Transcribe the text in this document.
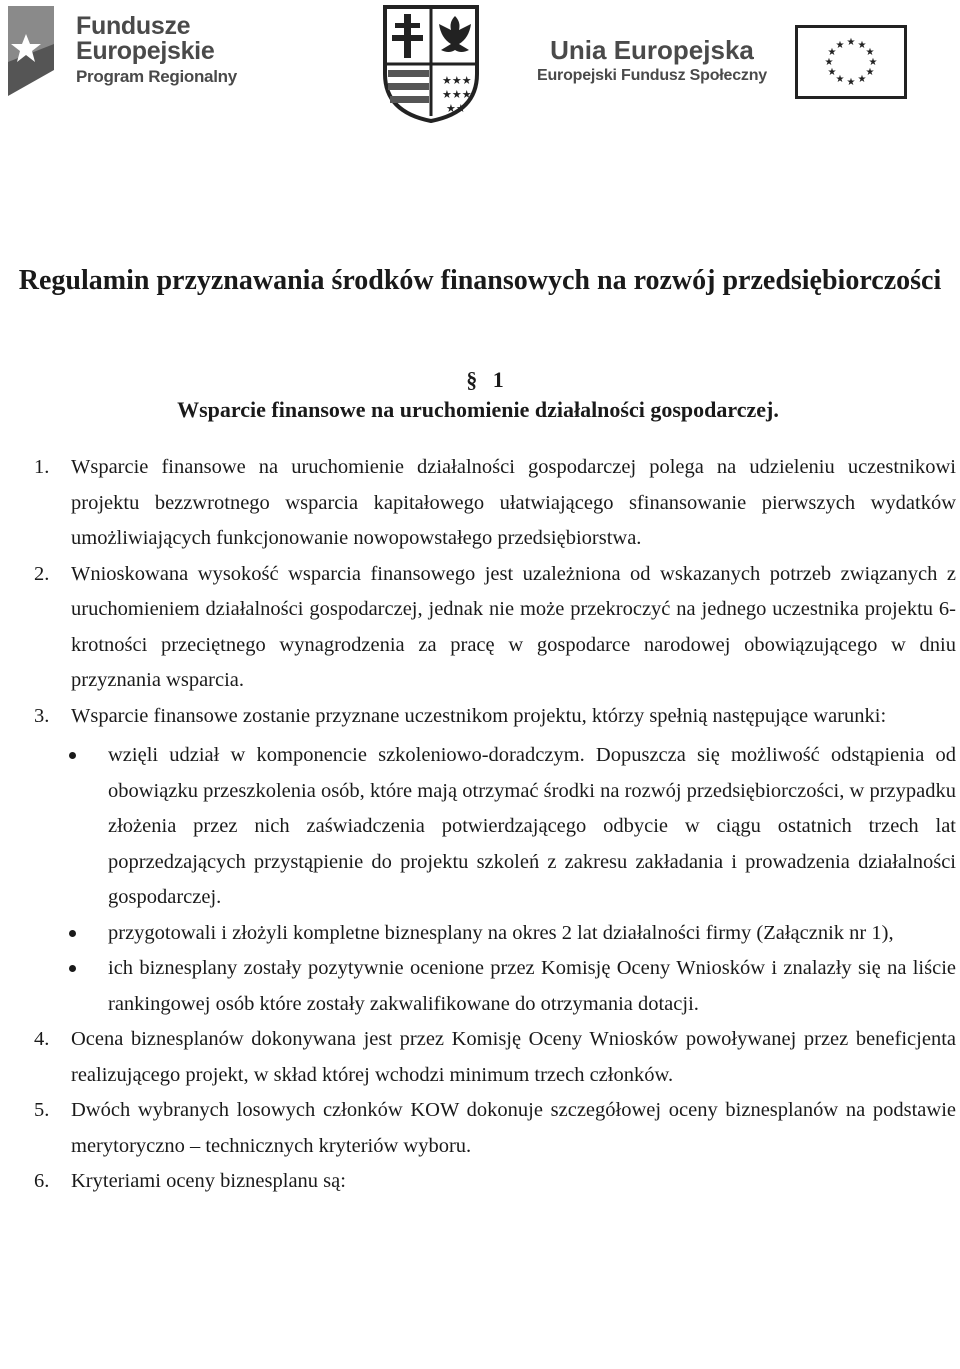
Fundusze
Europejskie
Program Regionalny	★★★
★★★
★★
Unia Europejska
Europejski Fundusz Społeczny
★ ★
★
★
★
★
★
★
★
★
★
★
Regulamin przyznawania środków finansowych na rozwój przedsiębiorczości
§ 1
Wsparcie finansowe na uruchomienie działalności gospodarczej.
1. Wsparcie finansowe na uruchomienie działalności gospodarczej polega na udzieleniu uczestnikowi projektu bezzwrotnego wsparcia kapitałowego ułatwiającego sfinansowanie pierwszych wydatków umożliwiających funkcjonowanie nowopowstałego przedsiębiorstwa.
2. Wnioskowana wysokość wsparcia finansowego jest uzależniona od wskazanych potrzeb związanych z uruchomieniem działalności gospodarczej, jednak nie może przekroczyć na jednego uczestnika projektu 6-krotności przeciętnego wynagrodzenia za pracę w gospodarce narodowej obowiązującego w dniu przyznania wsparcia.
3. Wsparcie finansowe zostanie przyznane uczestnikom projektu, którzy spełnią następujące warunki:
wzięli udział w komponencie szkoleniowo-doradczym. Dopuszcza się możliwość odstąpienia od obowiązku przeszkolenia osób, które mają otrzymać środki na rozwój przedsiębiorczości, w przypadku złożenia przez nich zaświadczenia potwierdzającego odbycie w ciągu ostatnich trzech lat poprzedzających przystąpienie do projektu szkoleń z zakresu zakładania i prowadzenia działalności gospodarczej.
przygotowali i złożyli kompletne biznesplany na okres 2 lat działalności firmy (Załącznik nr 1),
ich biznesplany zostały pozytywnie ocenione przez Komisję Oceny Wniosków i znalazły się na liście rankingowej osób które zostały zakwalifikowane do otrzymania dotacji.
4. Ocena biznesplanów dokonywana jest przez Komisję Oceny Wniosków powoływanej przez beneficjenta realizującego projekt, w skład której wchodzi minimum trzech członków.
5. Dwóch wybranych losowych członków KOW dokonuje szczegółowej oceny biznesplanów na podstawie merytoryczno – technicznych kryteriów wyboru.
6. Kryteriami oceny biznesplanu są:
